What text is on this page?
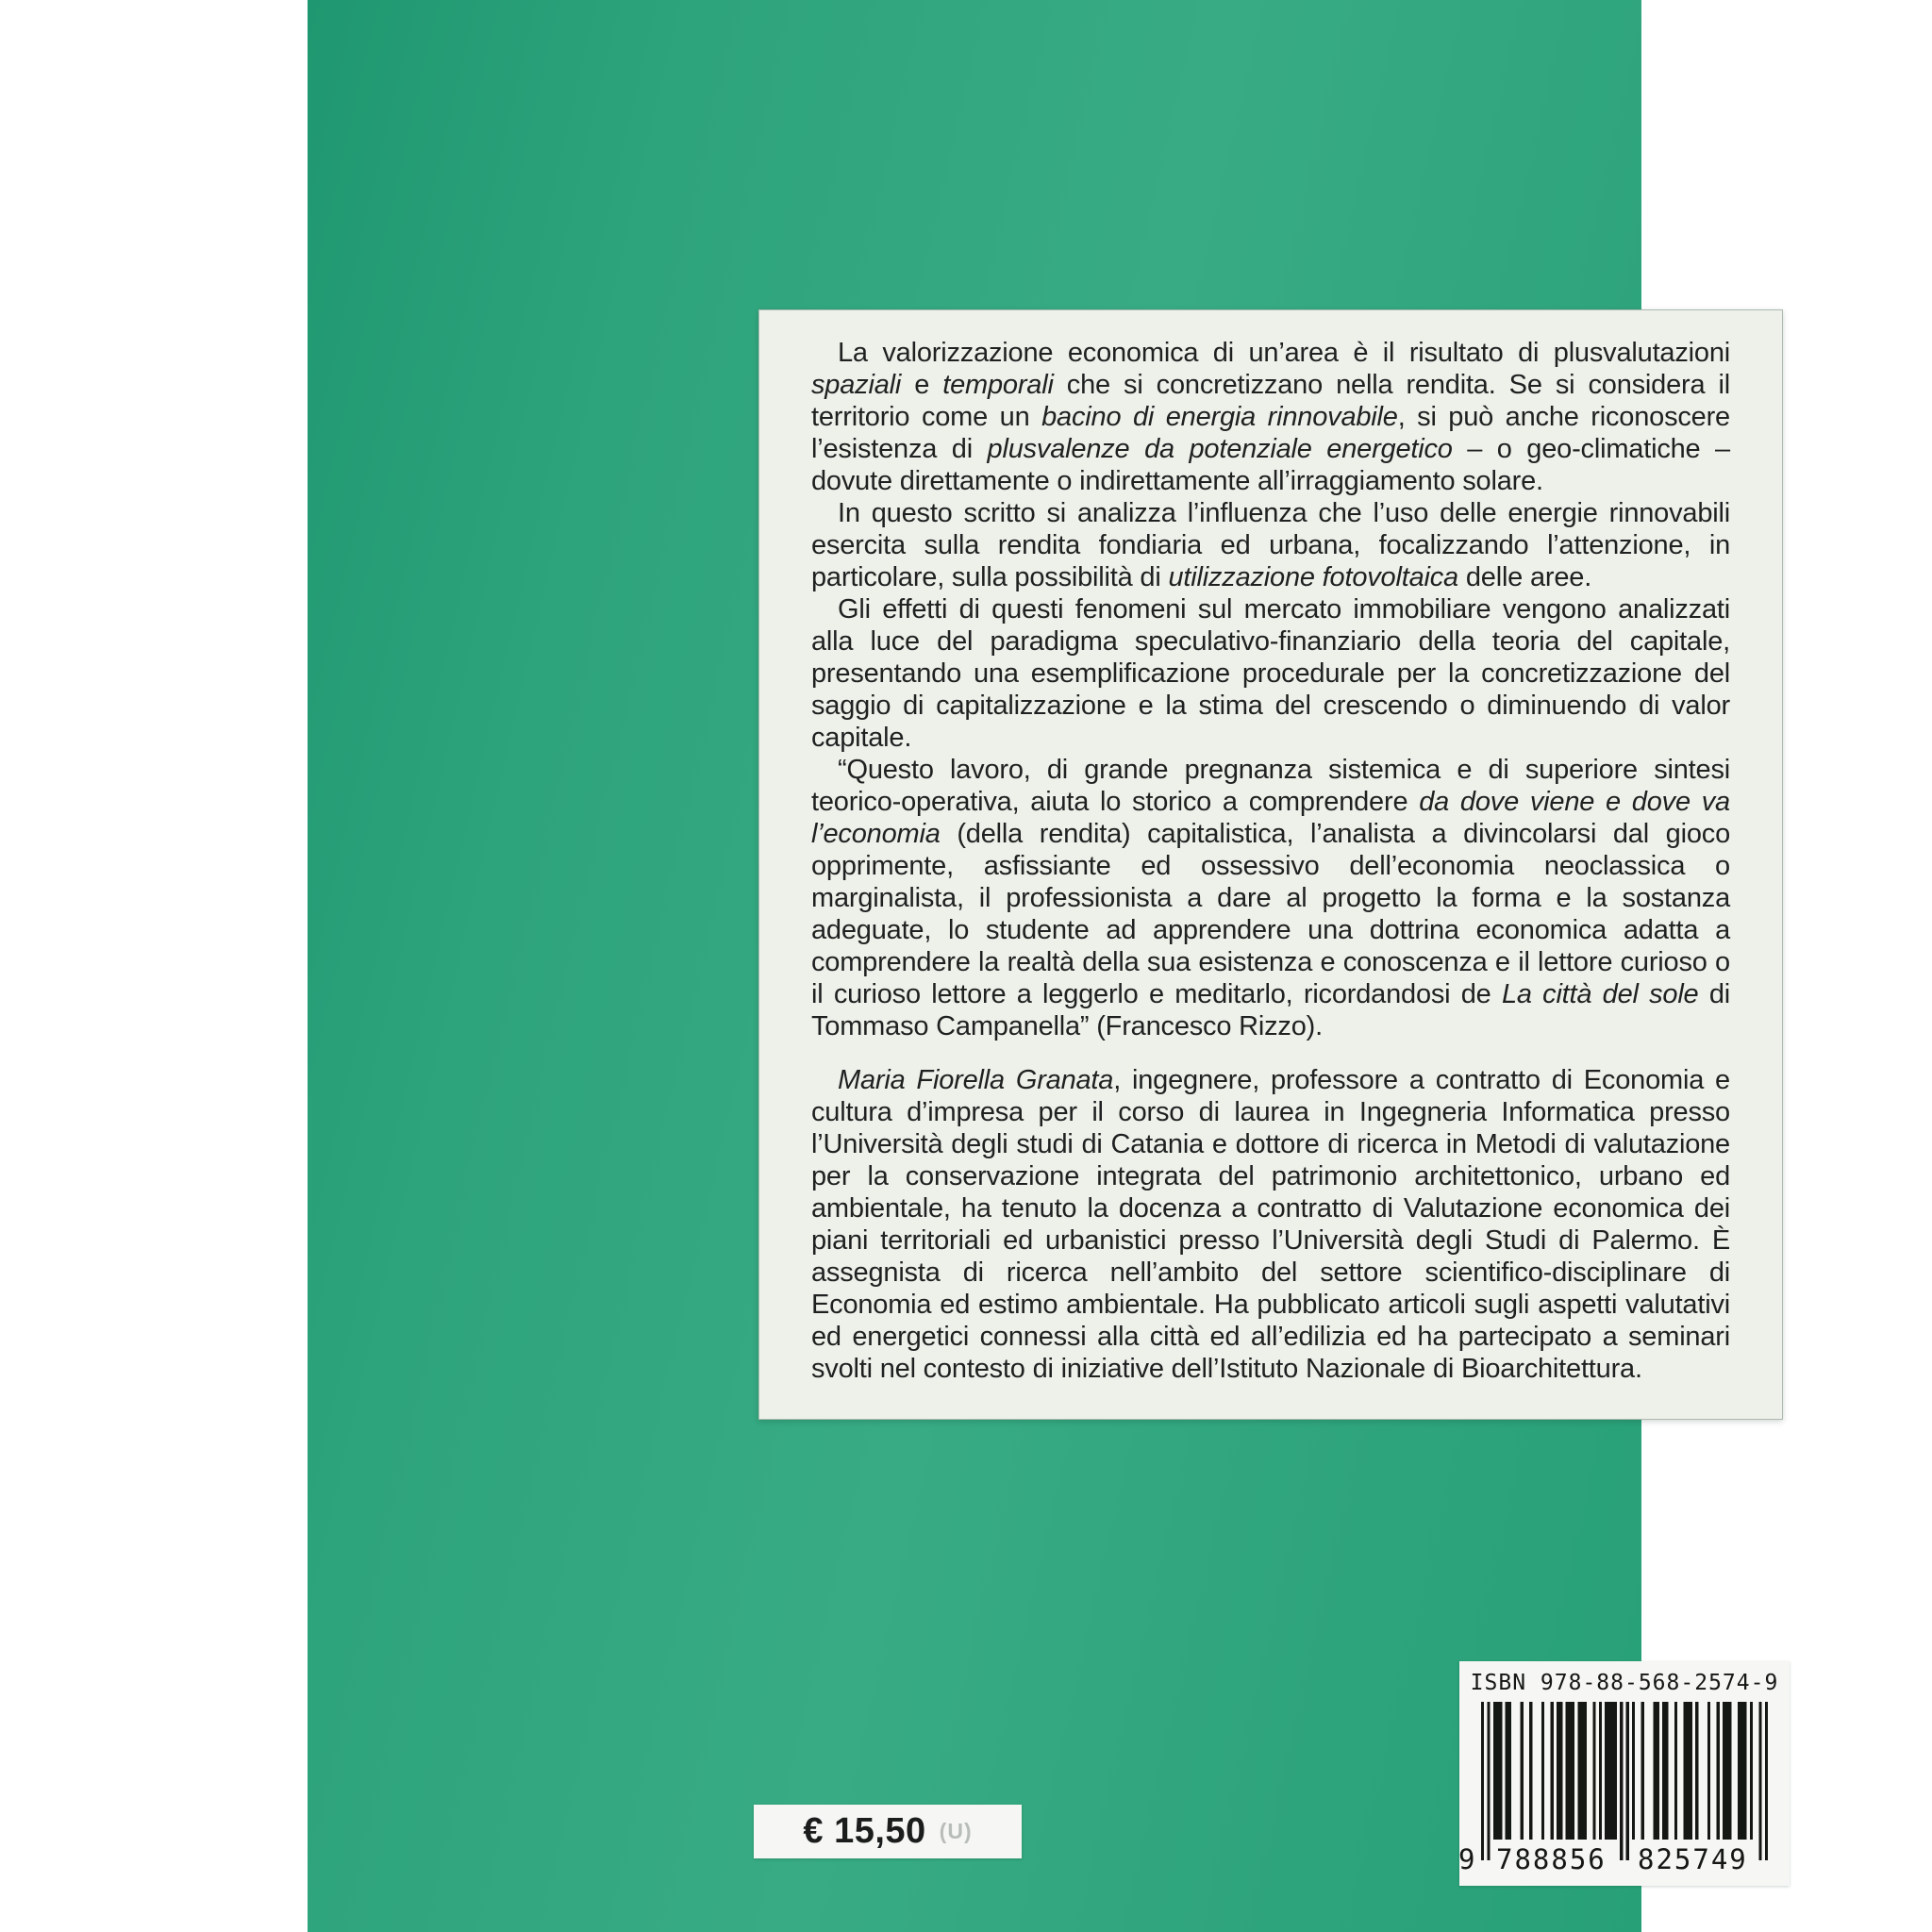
La valorizzazione economica di un’area è il risultato di plusvalutazioni spaziali e temporali che si concretizzano nella rendita. Se si considera il territorio come un bacino di energia rinnovabile, si può anche riconoscere l’esistenza di plusvalenze da potenziale energetico – o geo-climatiche – dovute direttamente o indirettamente all’irraggiamento solare.

In questo scritto si analizza l’influenza che l’uso delle energie rinnovabili esercita sulla rendita fondiaria ed urbana, focalizzando l’attenzione, in particolare, sulla possibilità di utilizzazione fotovoltaica delle aree.

Gli effetti di questi fenomeni sul mercato immobiliare vengono analizzati alla luce del paradigma speculativo-finanziario della teoria del capitale, presentando una esemplificazione procedurale per la concretizzazione del saggio di capitalizzazione e la stima del crescendo o diminuendo di valor capitale.

“Questo lavoro, di grande pregnanza sistemica e di superiore sintesi teorico-operativa, aiuta lo storico a comprendere da dove viene e dove va l’economia (della rendita) capitalistica, l’analista a divincolarsi dal gioco opprimente, asfissiante ed ossessivo dell’economia neoclassica o marginalista, il professionista a dare al progetto la forma e la sostanza adeguate, lo studente ad apprendere una dottrina economica adatta a comprendere la realtà della sua esistenza e conoscenza e il lettore curioso o il curioso lettore a leggerlo e meditarlo, ricordandosi de La città del sole di Tommaso Campanella” (Francesco Rizzo).

Maria Fiorella Granata, ingegnere, professore a contratto di Economia e cultura d’impresa per il corso di laurea in Ingegneria Informatica presso l’Università degli studi di Catania e dottore di ricerca in Metodi di valutazione per la conservazione integrata del patrimonio architettonico, urbano ed ambientale, ha tenuto la docenza a contratto di Valutazione economica dei piani territoriali ed urbanistici presso l’Università degli Studi di Palermo. È assegnista di ricerca nell’ambito del settore scientifico-disciplinare di Economia ed estimo ambientale. Ha pubblicato articoli sugli aspetti valutativi ed energetici connessi alla città ed all’edilizia ed ha partecipato a seminari svolti nel contesto di iniziative dell’Istituto Nazionale di Bioarchitettura.

€ 15,50 (U)
ISBN 978-88-568-2574-9
9 788856 825749
